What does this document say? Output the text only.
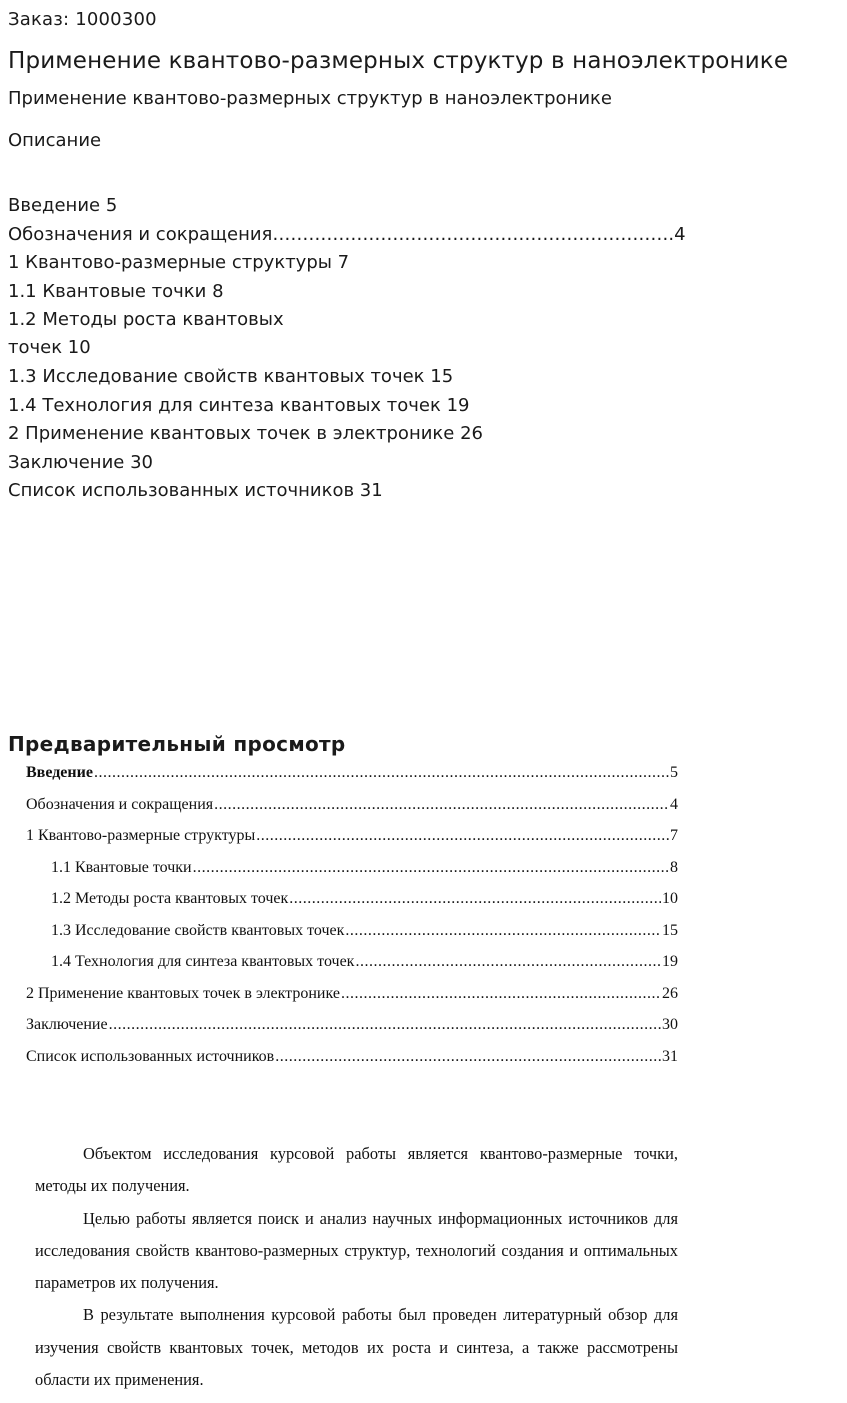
Заказ: 1000300
Применение квантово-размерных структур в наноэлектронике
Применение квантово-размерных структур в наноэлектронике
Описание
Введение 5
Обозначения и сокращения………………………………………………………….4
1 Квантово-размерные структуры 7
1.1 Квантовые точки 8
1.2 Методы роста квантовых
точек 10
1.3 Исследование свойств квантовых точек 15
1.4 Технология для синтеза квантовых точек 19
2 Применение квантовых точек в электронике 26
Заключение 30
Список использованных источников 31
Предварительный просмотр
Введение .....	5
Обозначения и сокращения .....	4
1 Квантово-размерные структуры .....	7
1.1 Квантовые точки .....	8
1.2 Методы роста квантовых точек .....	10
1.3 Исследование свойств квантовых точек .....	15
1.4 Технология для синтеза квантовых точек .....	19
2 Применение квантовых точек в электронике .....	26
Заключение .....	30
Список использованных источников .....	31

Объектом исследования курсовой работы является квантово-размерные точки, методы их получения.

Целью работы является поиск и анализ научных информационных источников для исследования свойств квантово-размерных структур, технологий создания и оптимальных параметров их получения.

В результате выполнения курсовой работы был проведен литературный обзор для изучения свойств квантовых точек, методов их роста и синтеза, а также рассмотрены области их применения.
